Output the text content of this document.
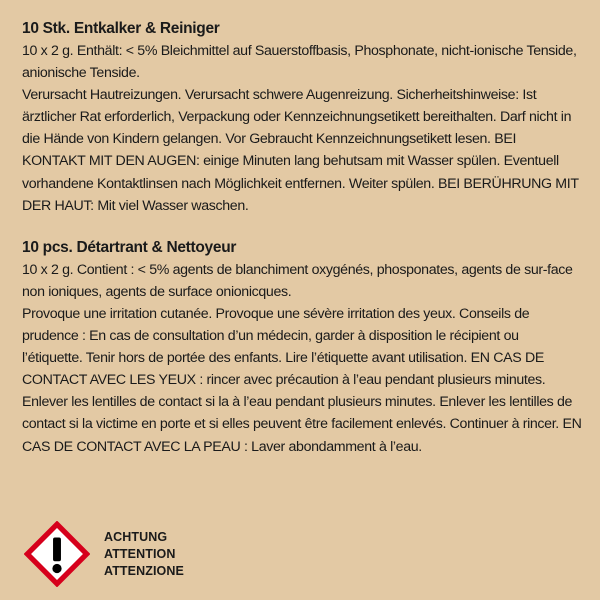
10 Stk. Entkalker & Reiniger

10 x 2 g. Enthält: < 5% Bleichmittel auf Sauerstoffbasis, Phosphonate, nicht-ionische Tenside, anionische Tenside.

Verursacht Hautreizungen. Verursacht schwere Augenreizung. Sicherheitshinweise: Ist ärztlicher Rat erforderlich, Verpackung oder Kennzeichnungsetikett bereithalten. Darf nicht in die Hände von Kindern gelangen. Vor Gebraucht Kennzeichnungsetikett lesen. BEI KONTAKT MIT DEN AUGEN: einige Minuten lang behutsam mit Wasser spülen. Eventuell vorhandene Kontaktlinsen nach Möglichkeit entfernen. Weiter spülen. BEI BERÜHRUNG MIT DER HAUT: Mit viel Wasser waschen.

10 pcs. Détartrant & Nettoyeur

10 x 2 g. Contient : < 5% agents de blanchiment oxygénés, phosponates, agents de sur-face non ioniques, agents de surface onionicques.

Provoque une irritation cutanée. Provoque une sévère irritation des yeux. Conseils de prudence : En cas de consultation d’un médecin, garder à disposition le récipient ou l’étiquette. Tenir hors de portée des enfants. Lire l’étiquette avant utilisation. EN CAS DE CONTACT AVEC LES YEUX : rincer avec précaution à l’eau pendant plusieurs minutes. Enlever les lentilles de contact si la à l’eau pendant plusieurs minutes. Enlever les lentilles de contact si la victime en porte et si elles peuvent être facilement enlevés. Continuer à rincer. EN CAS DE CONTACT AVEC LA PEAU : Laver abondamment à l’eau.

ACHTUNG
ATTENTION
ATTENZIONE
